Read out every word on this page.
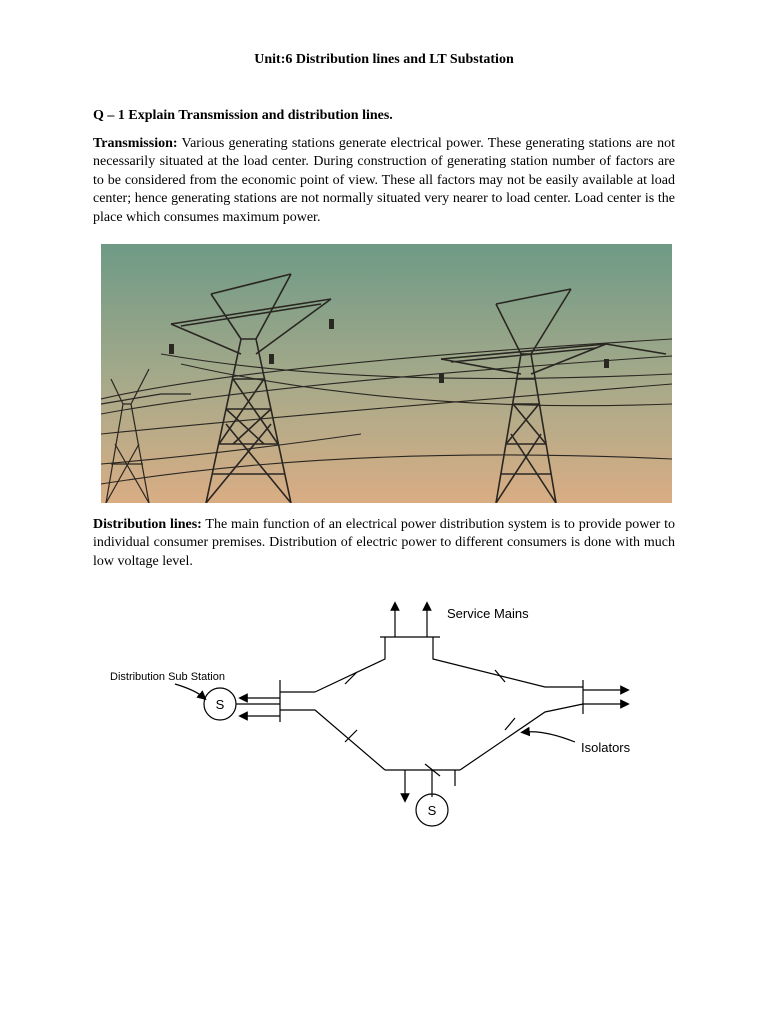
Unit:6 Distribution lines and LT Substation
Q – 1 Explain Transmission and distribution lines.

Transmission: Various generating stations generate electrical power. These generating stations are not necessarily situated at the load center. During construction of generating station number of factors are to be considered from the economic point of view. These all factors may not be easily available at load center; hence generating stations are not normally situated very nearer to load center. Load center is the place which consumes maximum power.

Distribution lines: The main function of an electrical power distribution system is to provide power to individual consumer premises. Distribution of electric power to different consumers is done with much low voltage level.

Service Mains
Distribution Sub Station
Isolators
S
S
